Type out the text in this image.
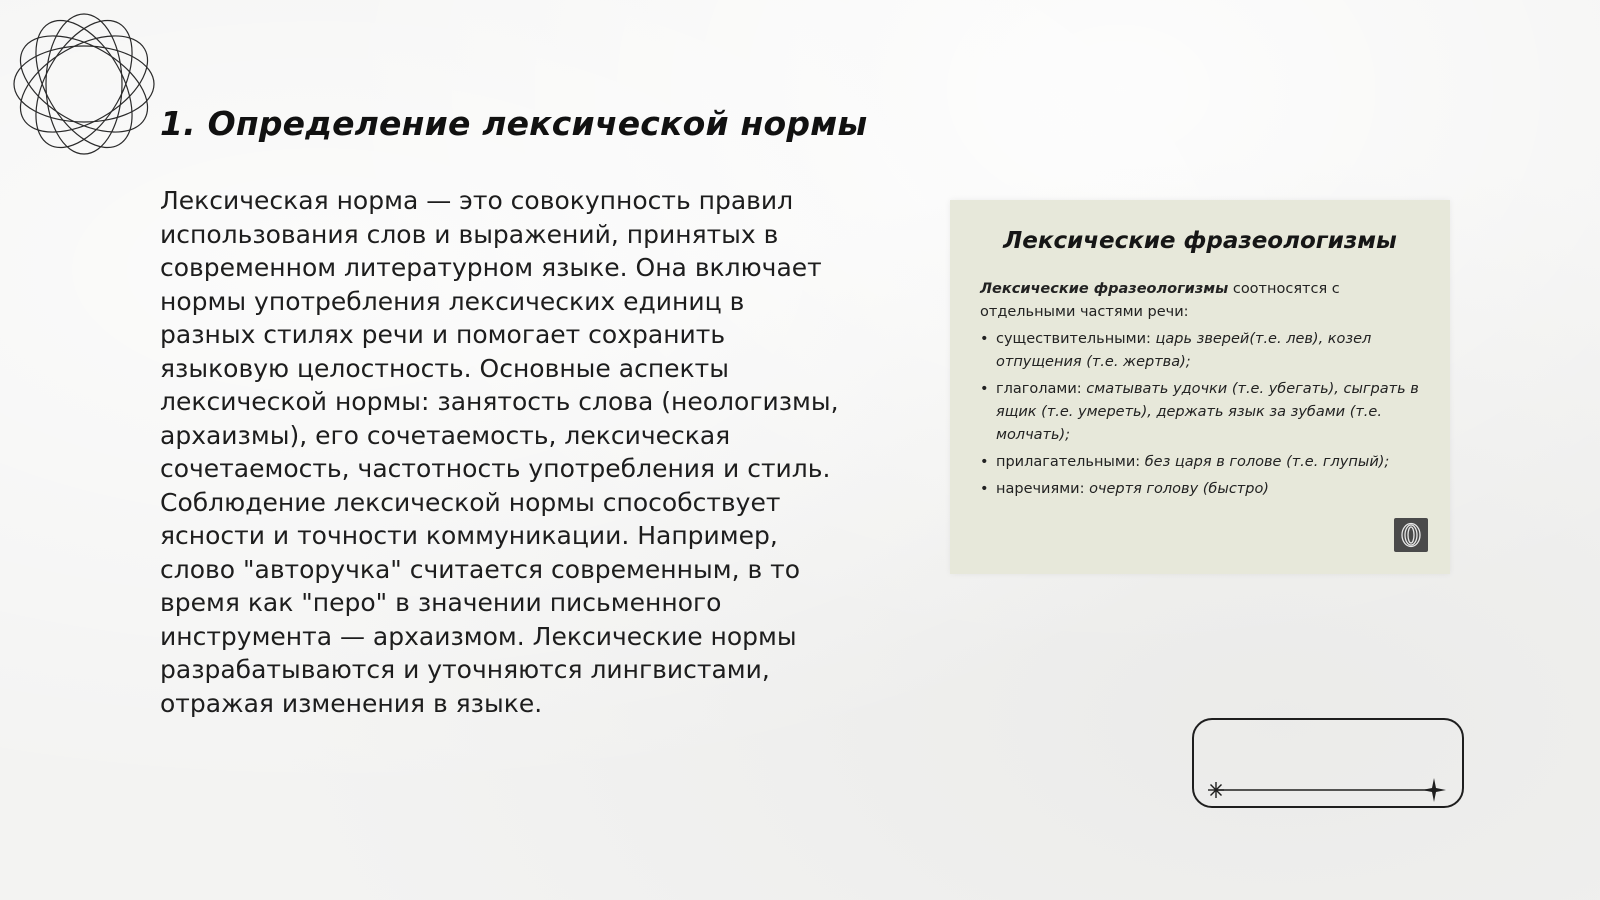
1. Определение лексической нормы

Лексическая норма — это совокупность правил использования слов и выражений, принятых в современном литературном языке. Она включает нормы употребления лексических единиц в разных стилях речи и помогает сохранить языковую целостность. Основные аспекты лексической нормы: занятость слова (неологизмы, архаизмы), его сочетаемость, лексическая сочетаемость, частотность употребления и стиль. Соблюдение лексической нормы способствует ясности и точности коммуникации. Например, слово "авторучка" считается современным, в то время как "перо" в значении письменного инструмента — архаизмом. Лексические нормы разрабатываются и уточняются лингвистами, отражая изменения в языке.

Лексические фразеологизмы

Лексические фразеологизмы соотносятся с отдельными частями речи:

• существительными: царь зверей(т.е. лев), козел отпущения (т.е. жертва);
• глаголами: сматывать удочки (т.е. убегать), сыграть в ящик (т.е. умереть), держать язык за зубами (т.е. молчать);
• прилагательными: без царя в голове (т.е. глупый);
• наречиями: очертя голову (быстро)
